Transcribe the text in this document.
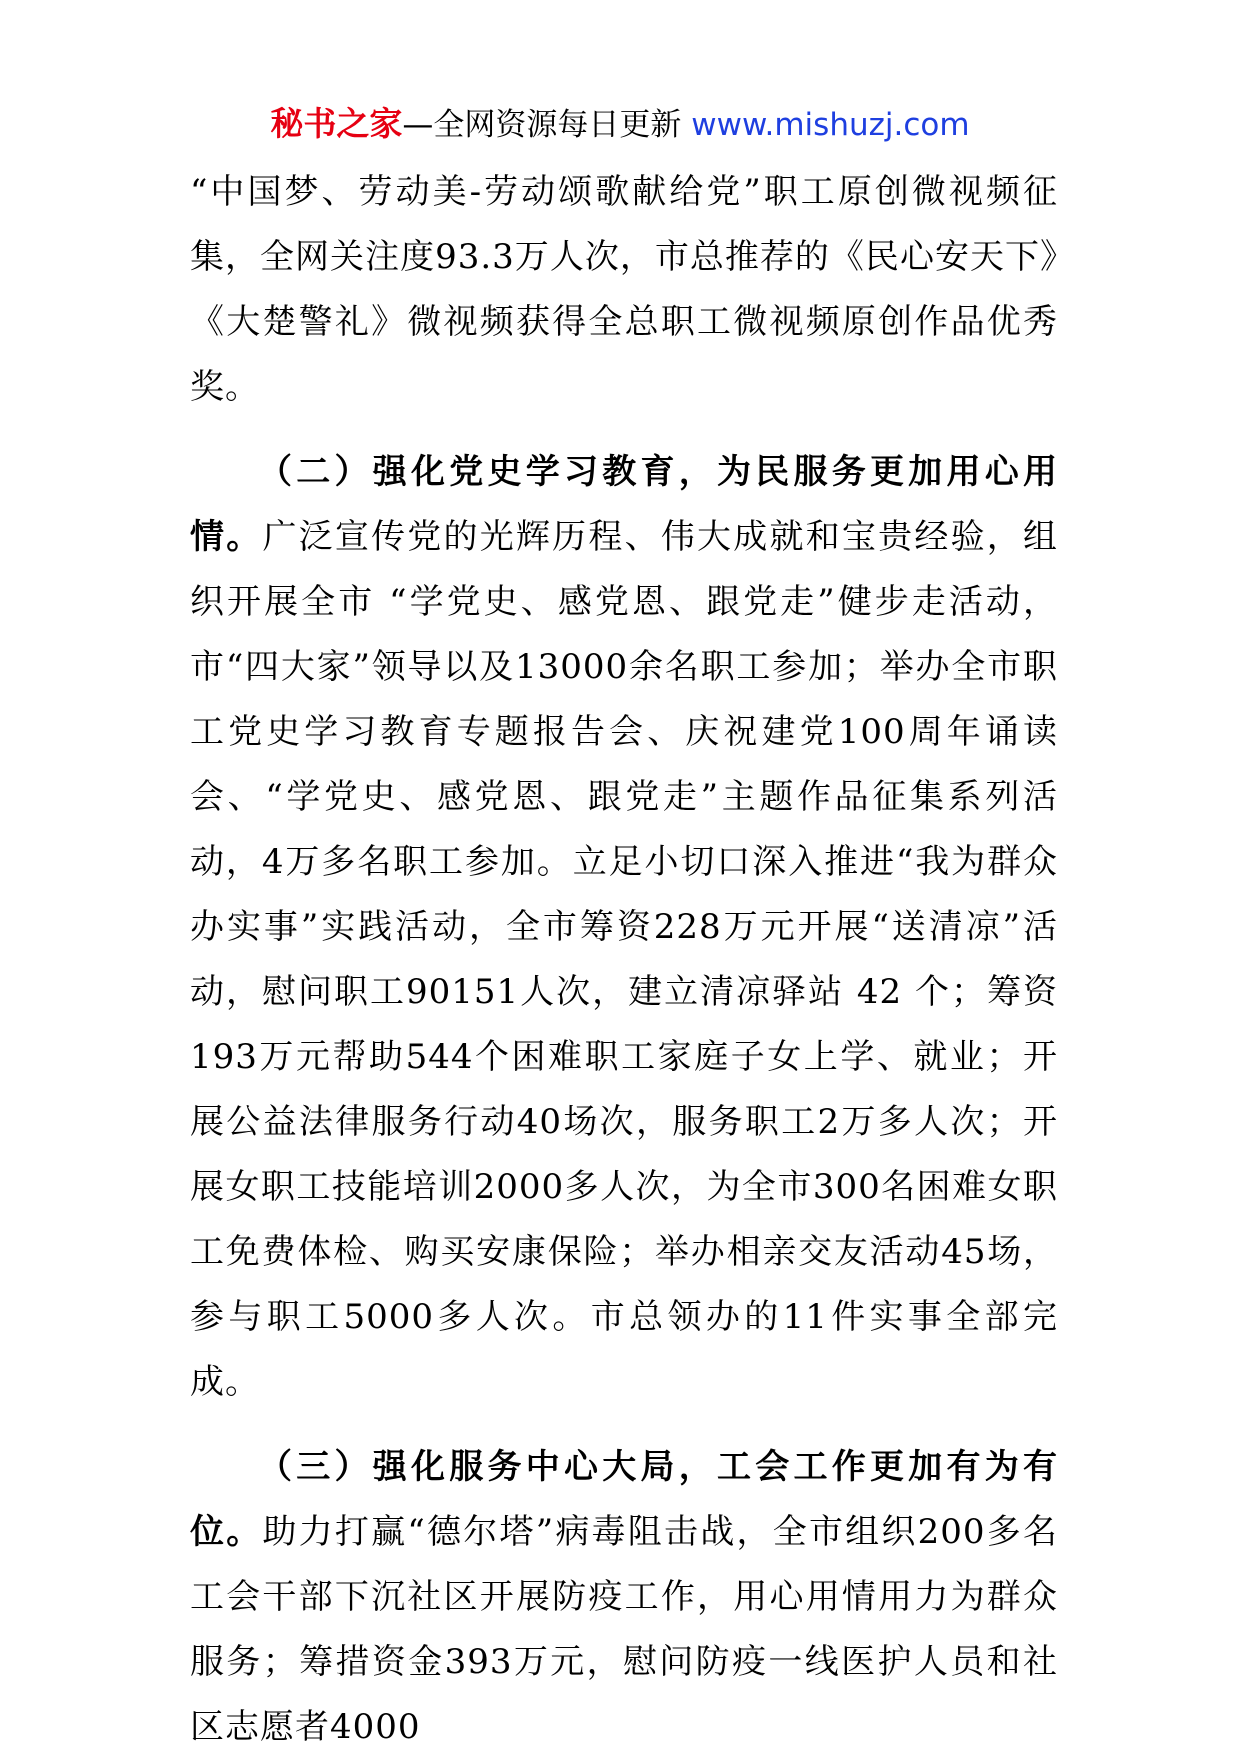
秘书之家—全网资源每日更新 www.mishuzj.com

“中国梦、劳动美-劳动颂歌献给党”职工原创微视频征集，全网关注度93.3万人次，市总推荐的《民心安天下》《大楚警礼》微视频获得全总职工微视频原创作品优秀奖。

（二）强化党史学习教育，为民服务更加用心用情。广泛宣传党的光辉历程、伟大成就和宝贵经验，组织开展全市 “学党史、感党恩、跟党走”健步走活动，市“四大家”领导以及13000余名职工参加；举办全市职工党史学习教育专题报告会、庆祝建党100周年诵读会、“学党史、感党恩、跟党走”主题作品征集系列活动，4万多名职工参加。立足小切口深入推进“我为群众办实事”实践活动，全市筹资228万元开展“送清凉”活动，慰问职工90151人次，建立清凉驿站 42 个；筹资193万元帮助544个困难职工家庭子女上学、就业；开展公益法律服务行动40场次，服务职工2万多人次；开展女职工技能培训2000多人次，为全市300名困难女职工免费体检、购买安康保险；举办相亲交友活动45场，参与职工5000多人次。市总领办的11件实事全部完成。

（三）强化服务中心大局，工会工作更加有为有位。助力打赢“德尔塔”病毒阻击战，全市组织200多名工会干部下沉社区开展防疫工作，用心用情用力为群众服务；筹措资金393万元，慰问防疫一线医护人员和社区志愿者4000
